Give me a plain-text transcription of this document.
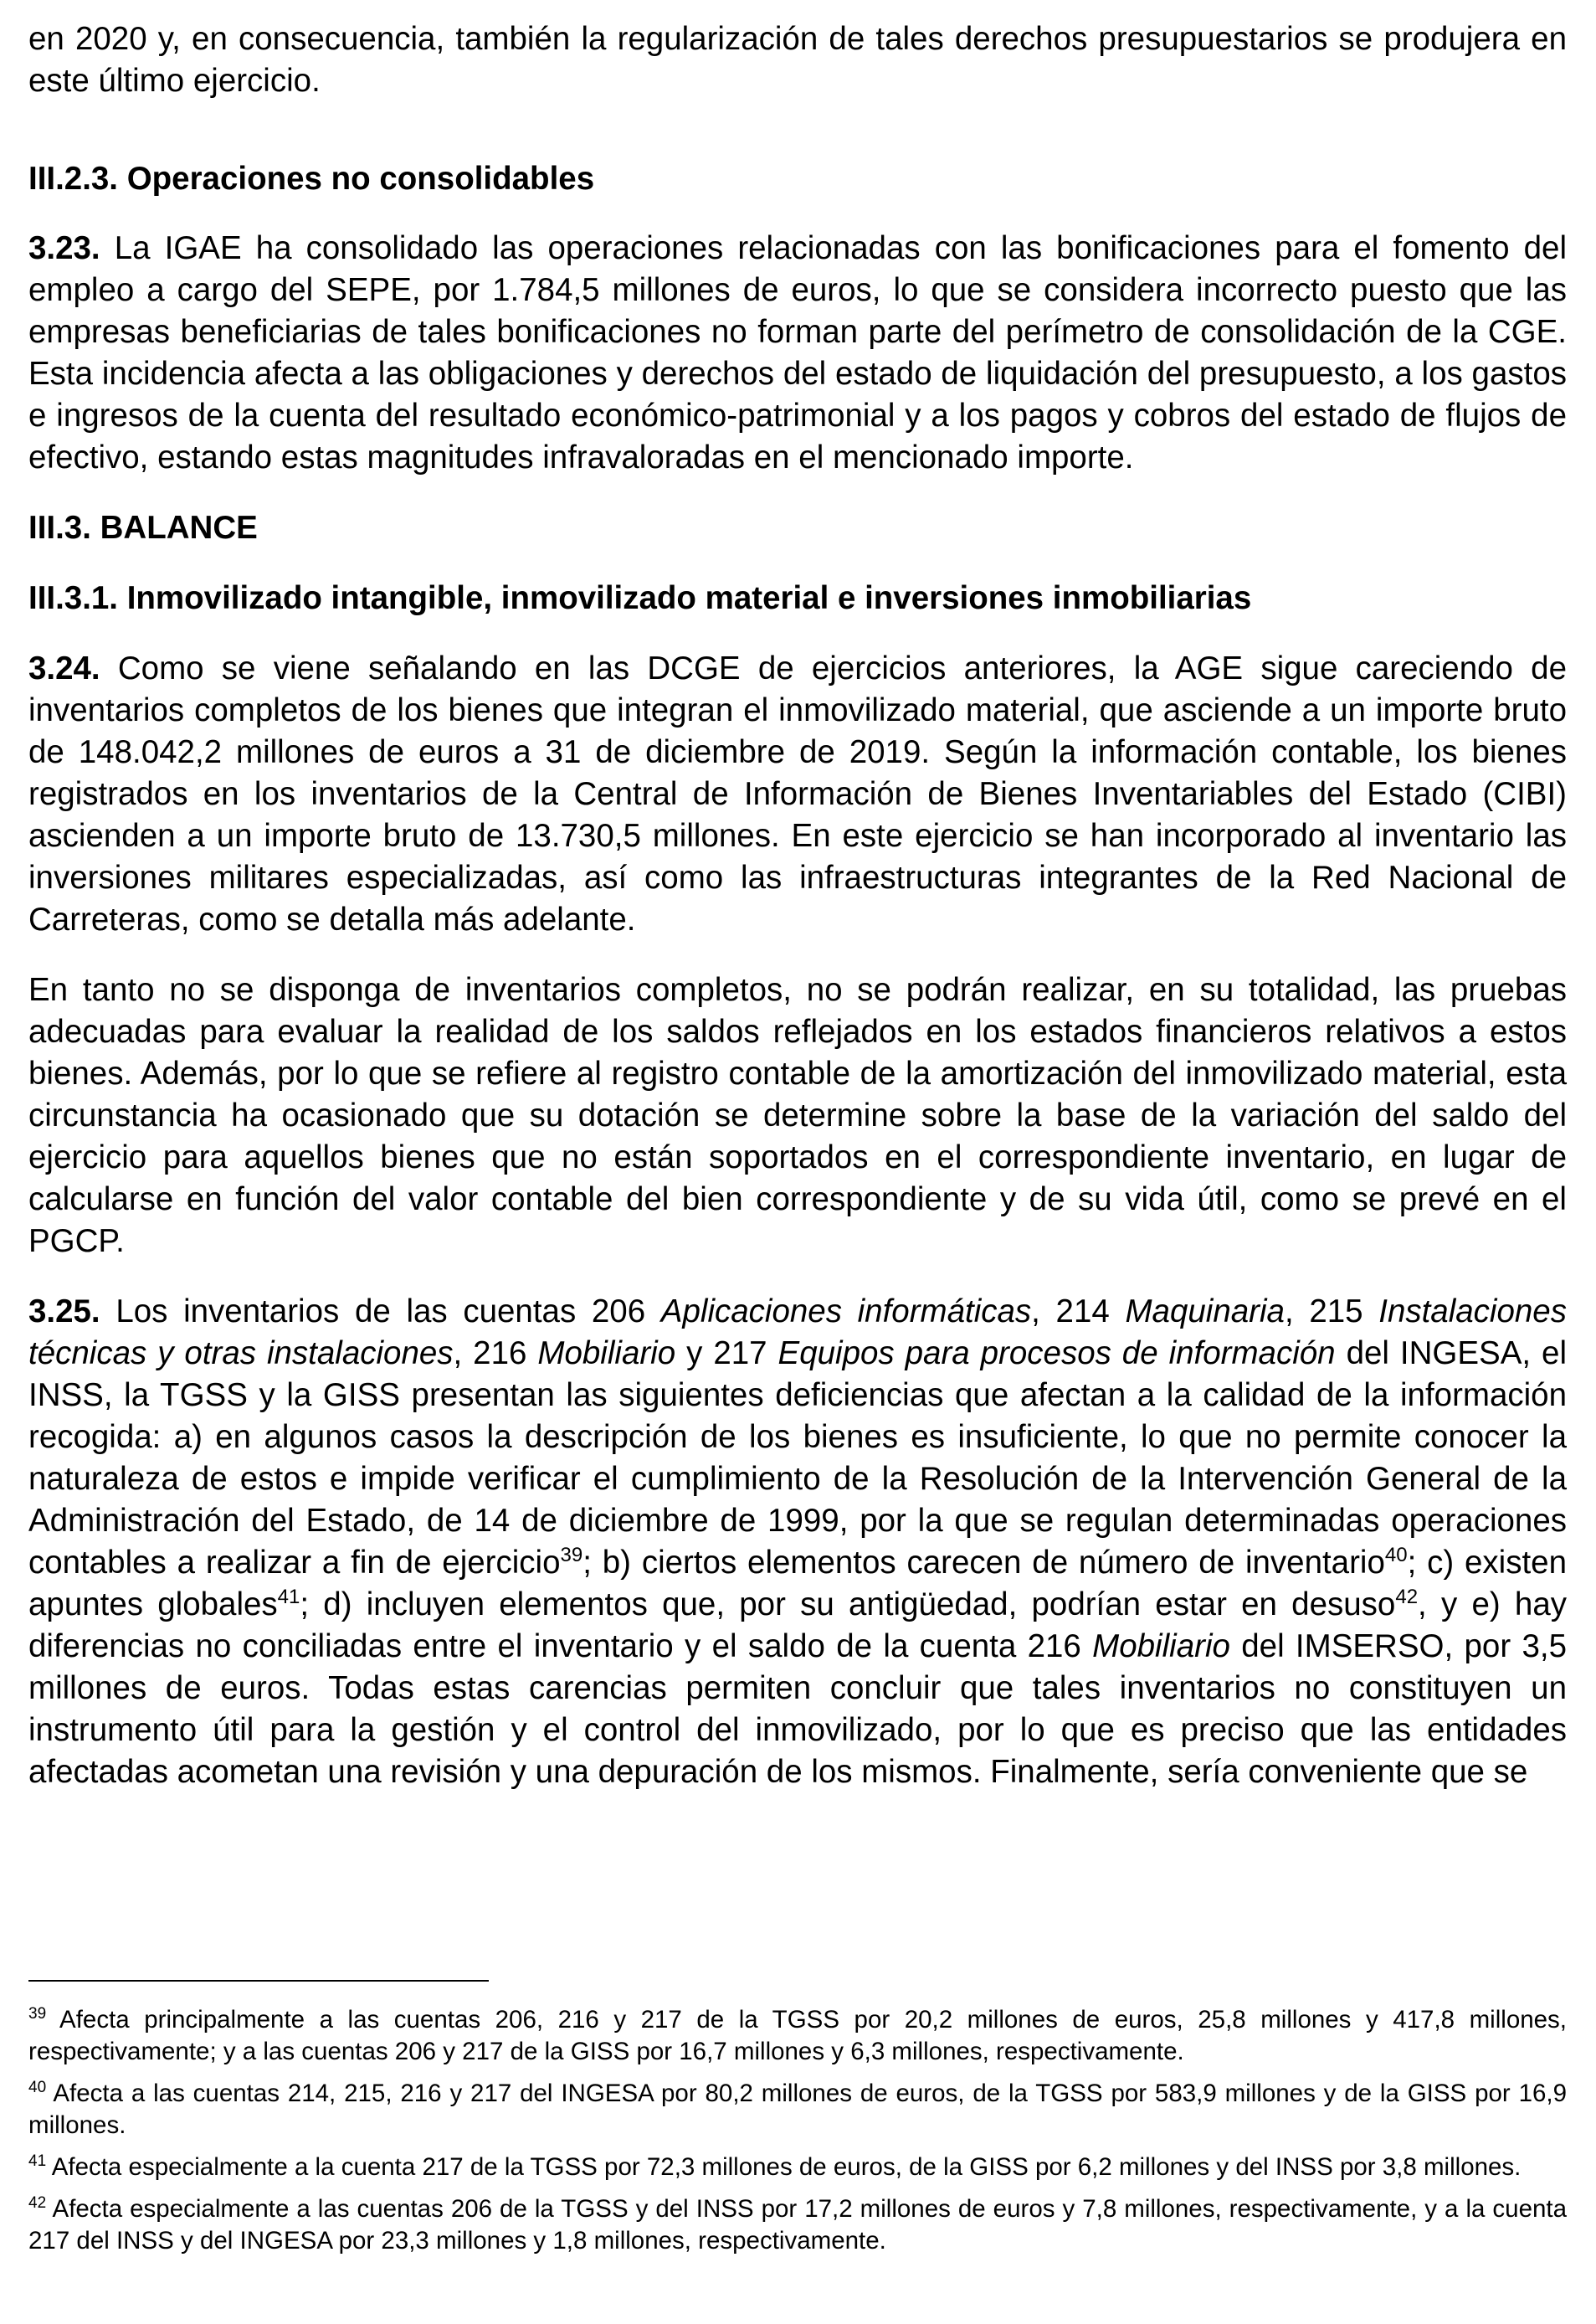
en 2020 y, en consecuencia, también la regularización de tales derechos presupuestarios se produjera en este último ejercicio.

III.2.3. Operaciones no consolidables

3.23. La IGAE ha consolidado las operaciones relacionadas con las bonificaciones para el fomento del empleo a cargo del SEPE, por 1.784,5 millones de euros, lo que se considera incorrecto puesto que las empresas beneficiarias de tales bonificaciones no forman parte del perímetro de consolidación de la CGE. Esta incidencia afecta a las obligaciones y derechos del estado de liquidación del presupuesto, a los gastos e ingresos de la cuenta del resultado económico-patrimonial y a los pagos y cobros del estado de flujos de efectivo, estando estas magnitudes infravaloradas en el mencionado importe.

III.3. BALANCE

III.3.1. Inmovilizado intangible, inmovilizado material e inversiones inmobiliarias

3.24. Como se viene señalando en las DCGE de ejercicios anteriores, la AGE sigue careciendo de inventarios completos de los bienes que integran el inmovilizado material, que asciende a un importe bruto de 148.042,2 millones de euros a 31 de diciembre de 2019. Según la información contable, los bienes registrados en los inventarios de la Central de Información de Bienes Inventariables del Estado (CIBI) ascienden a un importe bruto de 13.730,5 millones. En este ejercicio se han incorporado al inventario las inversiones militares especializadas, así como las infraestructuras integrantes de la Red Nacional de Carreteras, como se detalla más adelante.

En tanto no se disponga de inventarios completos, no se podrán realizar, en su totalidad, las pruebas adecuadas para evaluar la realidad de los saldos reflejados en los estados financieros relativos a estos bienes. Además, por lo que se refiere al registro contable de la amortización del inmovilizado material, esta circunstancia ha ocasionado que su dotación se determine sobre la base de la variación del saldo del ejercicio para aquellos bienes que no están soportados en el correspondiente inventario, en lugar de calcularse en función del valor contable del bien correspondiente y de su vida útil, como se prevé en el PGCP.

3.25. Los inventarios de las cuentas 206 Aplicaciones informáticas, 214 Maquinaria, 215 Instalaciones técnicas y otras instalaciones, 216 Mobiliario y 217 Equipos para procesos de información del INGESA, el INSS, la TGSS y la GISS presentan las siguientes deficiencias que afectan a la calidad de la información recogida: a) en algunos casos la descripción de los bienes es insuficiente, lo que no permite conocer la naturaleza de estos e impide verificar el cumplimiento de la Resolución de la Intervención General de la Administración del Estado, de 14 de diciembre de 1999, por la que se regulan determinadas operaciones contables a realizar a fin de ejercicio$^{39}$; b) ciertos elementos carecen de número de inventario$^{40}$; c) existen apuntes globales$^{41}$; d) incluyen elementos que, por su antigüedad, podrían estar en desuso$^{42}$, y e) hay diferencias no conciliadas entre el inventario y el saldo de la cuenta 216 Mobiliario del IMSERSO, por 3,5 millones de euros. Todas estas carencias permiten concluir que tales inventarios no constituyen un instrumento útil para la gestión y el control del inmovilizado, por lo que es preciso que las entidades afectadas acometan una revisión y una depuración de los mismos. Finalmente, sería conveniente que se

$^{39}$ Afecta principalmente a las cuentas 206, 216 y 217 de la TGSS por 20,2 millones de euros, 25,8 millones y 417,8 millones, respectivamente; y a las cuentas 206 y 217 de la GISS por 16,7 millones y 6,3 millones, respectivamente.

$^{40}$ Afecta a las cuentas 214, 215, 216 y 217 del INGESA por 80,2 millones de euros, de la TGSS por 583,9 millones y de la GISS por 16,9 millones.

$^{41}$ Afecta especialmente a la cuenta 217 de la TGSS por 72,3 millones de euros, de la GISS por 6,2 millones y del INSS por 3,8 millones.

$^{42}$ Afecta especialmente a las cuentas 206 de la TGSS y del INSS por 17,2 millones de euros y 7,8 millones, respectivamente, y a la cuenta 217 del INSS y del INGESA por 23,3 millones y 1,8 millones, respectivamente.
